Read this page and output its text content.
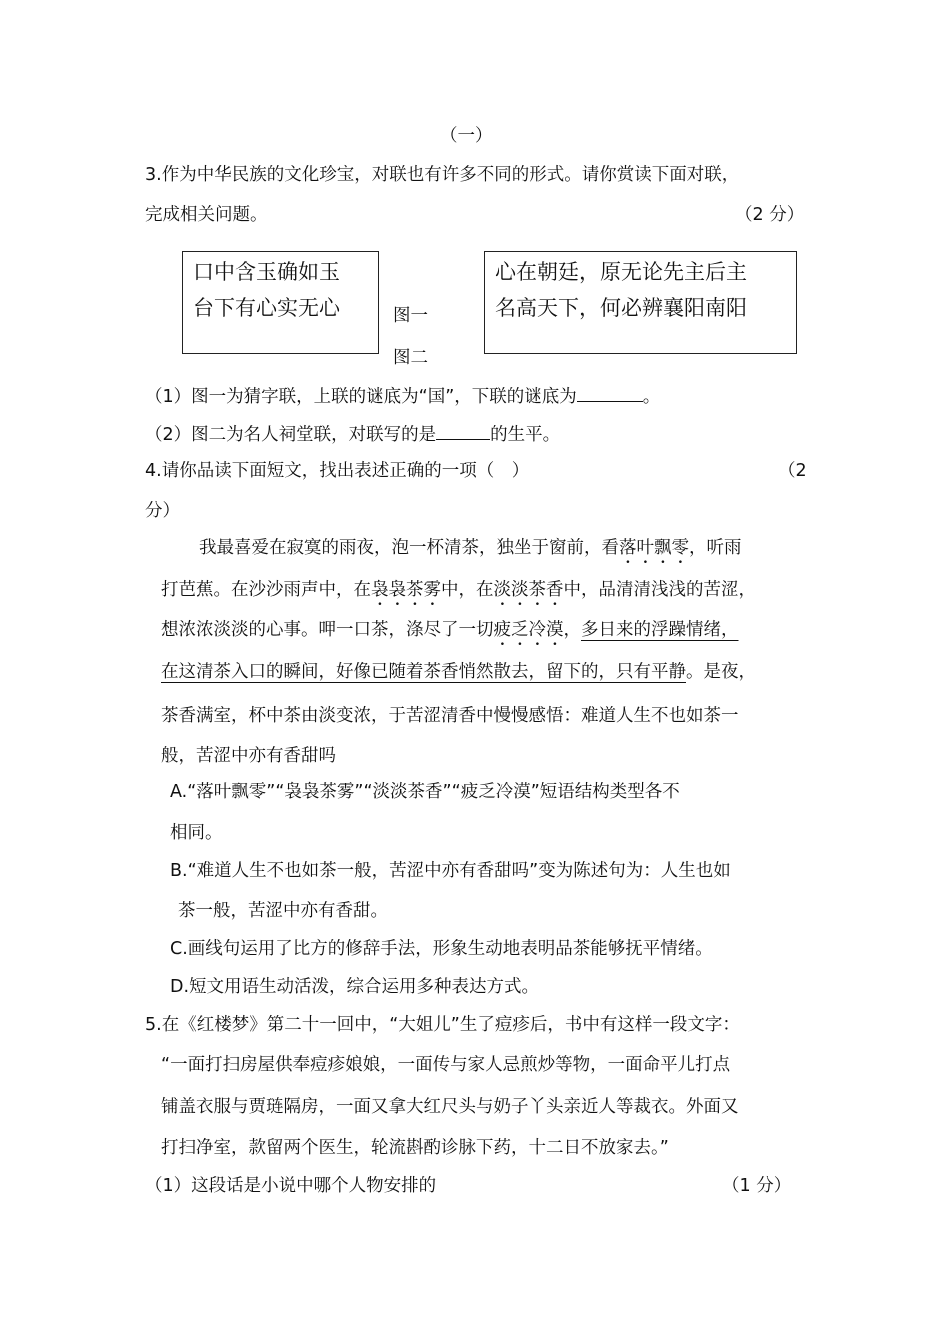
（一）
3.作为中华民族的文化珍宝，对联也有许多不同的形式。请你赏读下面对联，
完成相关问题。	（2 分）
口中含玉确如玉
台下有心实无心	图一
图二
心在朝廷，原无论先主后主
名高天下，何必辨襄阳南阳
（1）图一为猜字联，上联的谜底为“国”，下联的谜底为	。
（2）图二为名人祠堂联，对联写的是	的生平。
4.请你品读下面短文，找出表述正确的一项（　）	（2
分）
我最喜爱在寂寞的雨夜，泡一杯清茶，独坐于窗前，看落叶飘零，听雨
打芭蕉。在沙沙雨声中，在袅袅茶雾中，在淡淡茶香中，品清清浅浅的苦涩，
想浓浓淡淡的心事。呷一口茶，涤尽了一切疲乏冷漠，多日来的浮躁情绪，
在这清茶入口的瞬间，好像已随着茶香悄然散去，留下的，只有平静。是夜，
茶香满室，杯中茶由淡变浓，于苦涩清香中慢慢感悟：难道人生不也如茶一
般，苦涩中亦有香甜吗
A.“落叶飘零”“袅袅茶雾”“淡淡茶香”“疲乏冷漠”短语结构类型各不
相同。
B.“难道人生不也如茶一般，苦涩中亦有香甜吗”变为陈述句为：人生也如
茶一般，苦涩中亦有香甜。
C.画线句运用了比方的修辞手法，形象生动地表明品茶能够抚平情绪。
D.短文用语生动活泼，综合运用多种表达方式。
5.在《红楼梦》第二十一回中，“大姐儿”生了痘疹后，书中有这样一段文字：
“一面打扫房屋供奉痘疹娘娘，一面传与家人忌煎炒等物，一面命平儿打点
铺盖衣服与贾琏隔房，一面又拿大红尺头与奶子丫头亲近人等裁衣。外面又
打扫净室，款留两个医生，轮流斟酌诊脉下药，十二日不放家去。”
（1）这段话是小说中哪个人物安排的	（1 分）
